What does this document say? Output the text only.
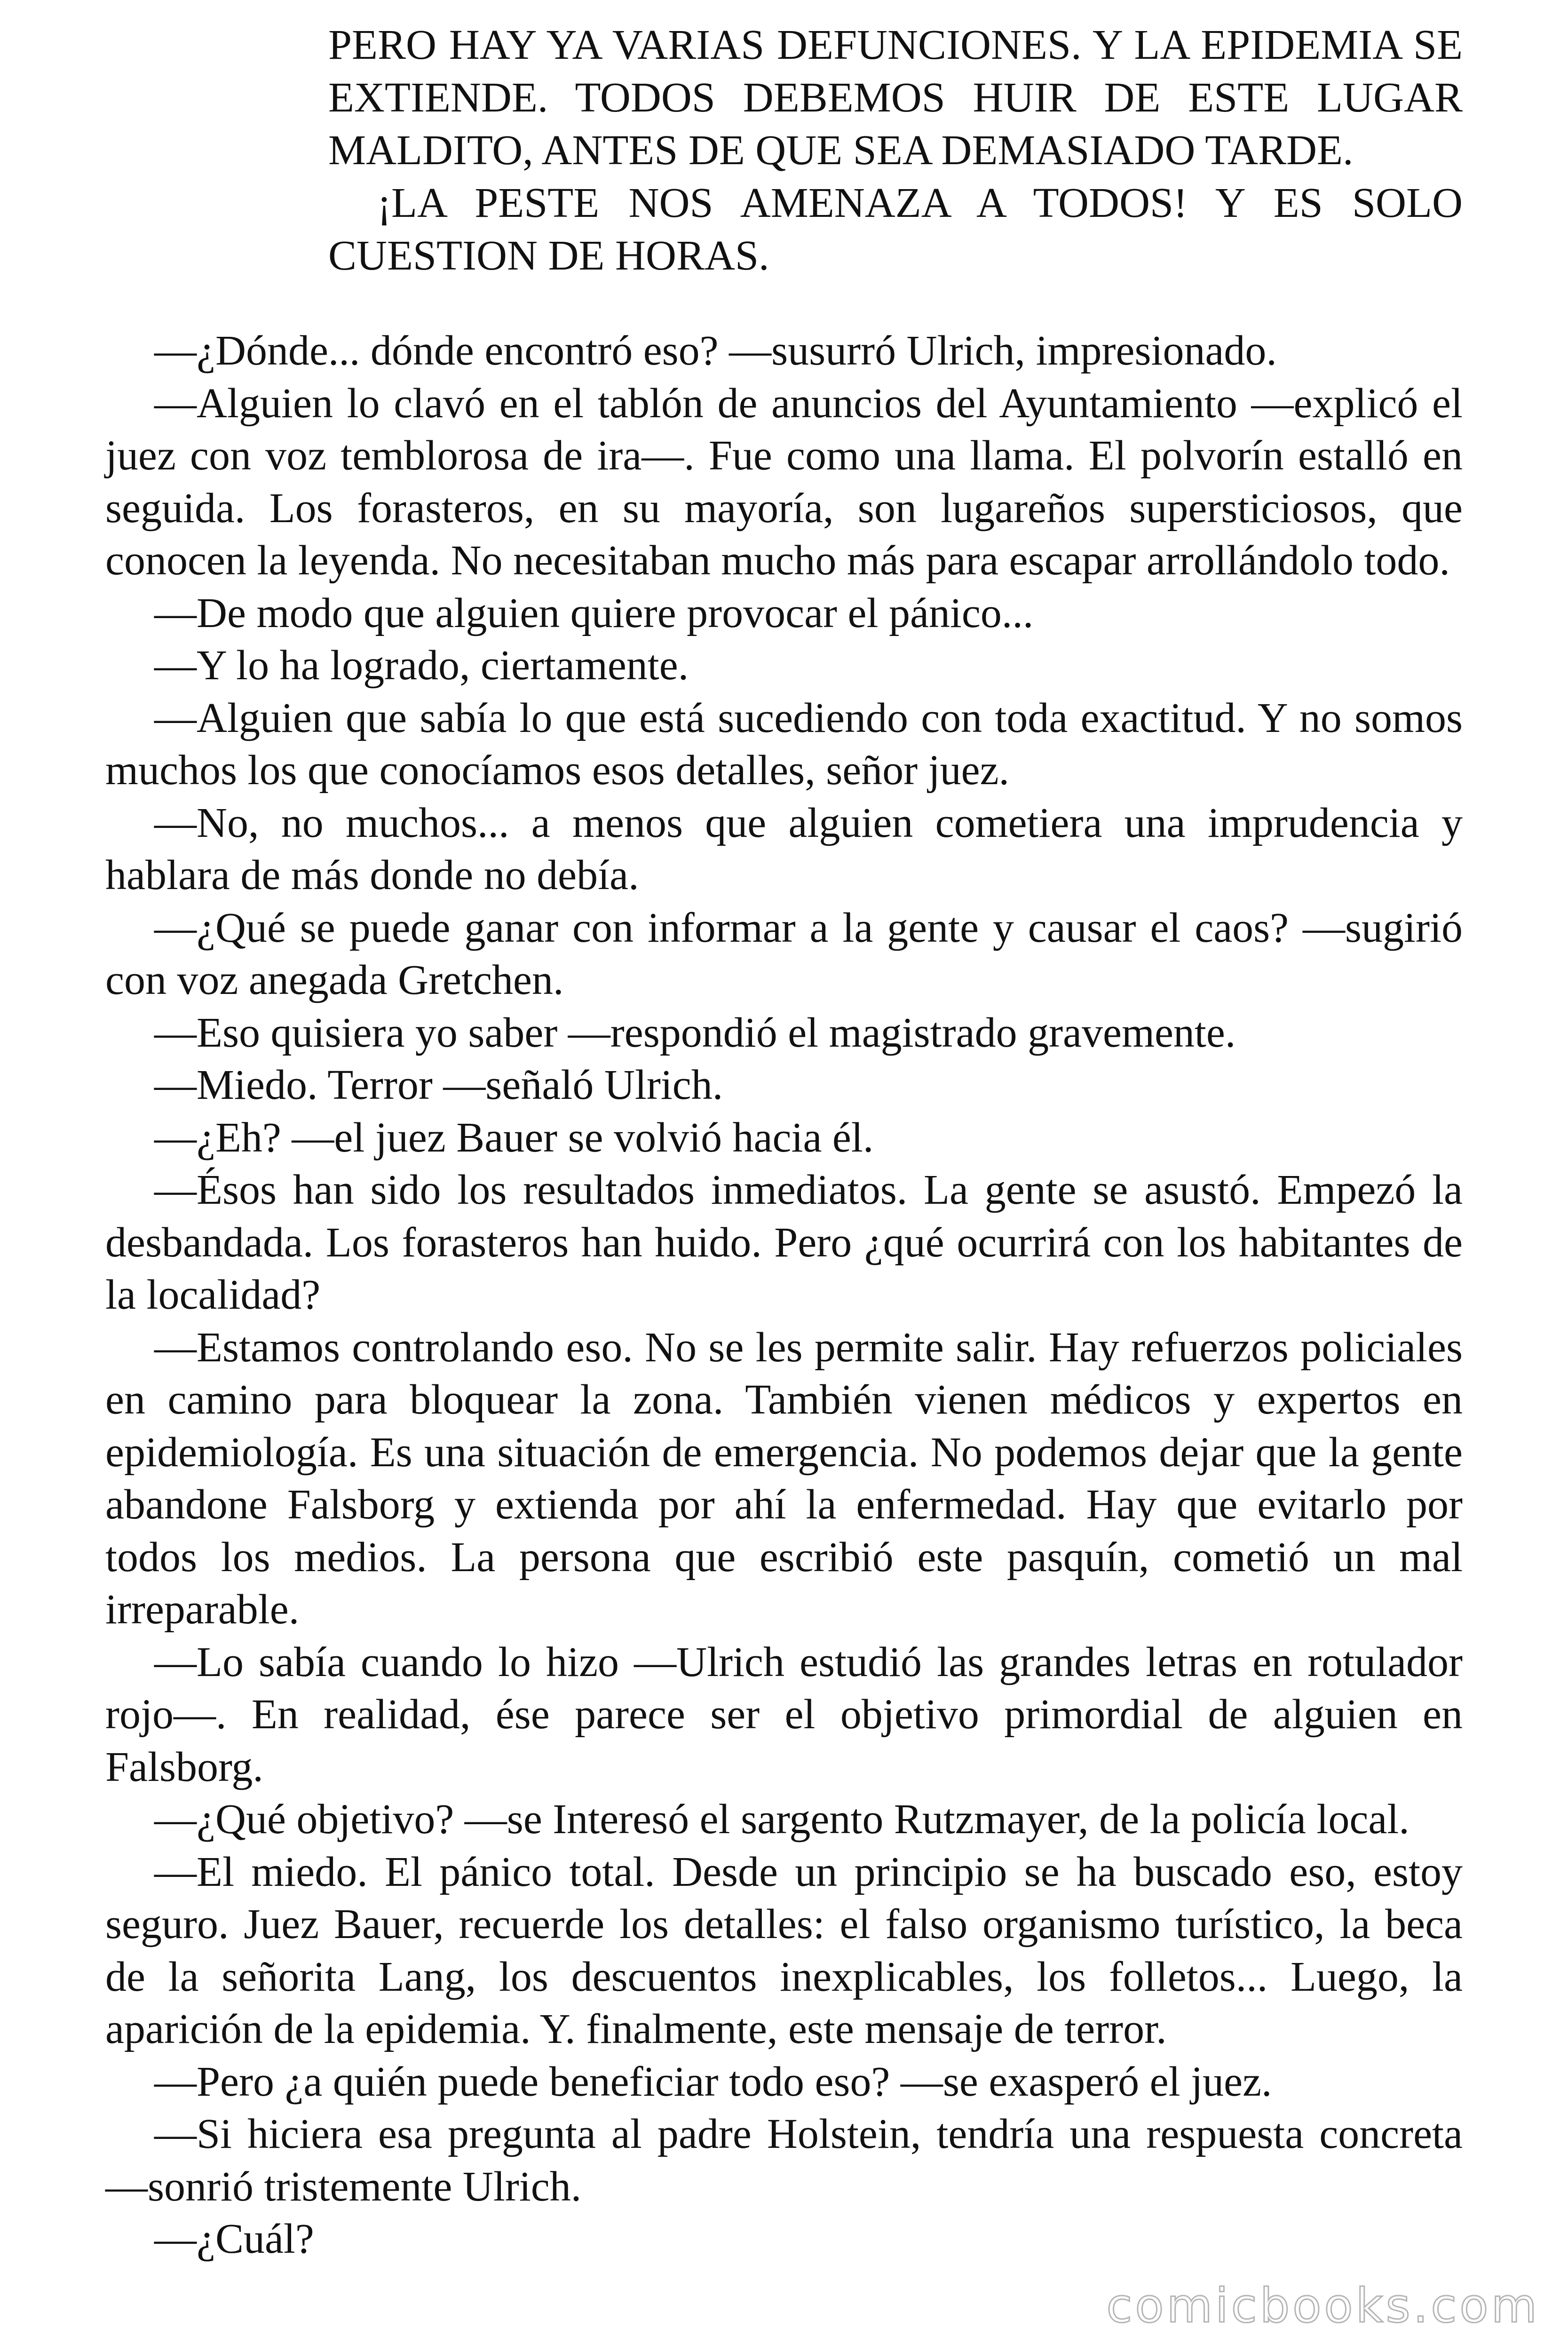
PERO HAY YA VARIAS DEFUNCIONES. Y LA EPIDEMIA SE EXTIENDE. TODOS DEBEMOS HUIR DE ESTE LUGAR MALDITO, ANTES DE QUE SEA DEMASIADO TARDE.

¡LA PESTE NOS AMENAZA A TODOS! Y ES SOLO CUESTION DE HORAS.

—¿Dónde... dónde encontró eso? —susurró Ulrich, impresionado.

—Alguien lo clavó en el tablón de anuncios del Ayuntamiento —explicó el juez con voz temblorosa de ira—. Fue como una llama. El polvorín estalló en seguida. Los forasteros, en su mayoría, son lugareños supersticiosos, que conocen la leyenda. No necesitaban mucho más para escapar arrollándolo todo.

—De modo que alguien quiere provocar el pánico...

—Y lo ha logrado, ciertamente.

—Alguien que sabía lo que está sucediendo con toda exactitud. Y no somos muchos los que conocíamos esos detalles, señor juez.

—No, no muchos... a menos que alguien cometiera una imprudencia y hablara de más donde no debía.

—¿Qué se puede ganar con informar a la gente y causar el caos? —sugirió con voz anegada Gretchen.

—Eso quisiera yo saber —respondió el magistrado gravemente.

—Miedo. Terror —señaló Ulrich.

—¿Eh? —el juez Bauer se volvió hacia él.

—Ésos han sido los resultados inmediatos. La gente se asustó. Empezó la desbandada. Los forasteros han huido. Pero ¿qué ocurrirá con los habitantes de la localidad?

—Estamos controlando eso. No se les permite salir. Hay refuerzos policiales en camino para bloquear la zona. También vienen médicos y expertos en epidemiología. Es una situación de emergencia. No podemos dejar que la gente abandone Falsborg y extienda por ahí la enfermedad. Hay que evitarlo por todos los medios. La persona que escribió este pasquín, cometió un mal irreparable.

—Lo sabía cuando lo hizo —Ulrich estudió las grandes letras en rotulador rojo—. En realidad, ése parece ser el objetivo primordial de alguien en Falsborg.

—¿Qué objetivo? —se Interesó el sargento Rutzmayer, de la policía local.

—El miedo. El pánico total. Desde un principio se ha buscado eso, estoy seguro. Juez Bauer, recuerde los detalles: el falso organismo turístico, la beca de la señorita Lang, los descuentos inexplicables, los folletos... Luego, la aparición de la epidemia. Y. finalmente, este mensaje de terror.

—Pero ¿a quién puede beneficiar todo eso? —se exasperó el juez.

—Si hiciera esa pregunta al padre Holstein, tendría una respuesta concreta —sonrió tristemente Ulrich.

—¿Cuál?

comicbooks.com
